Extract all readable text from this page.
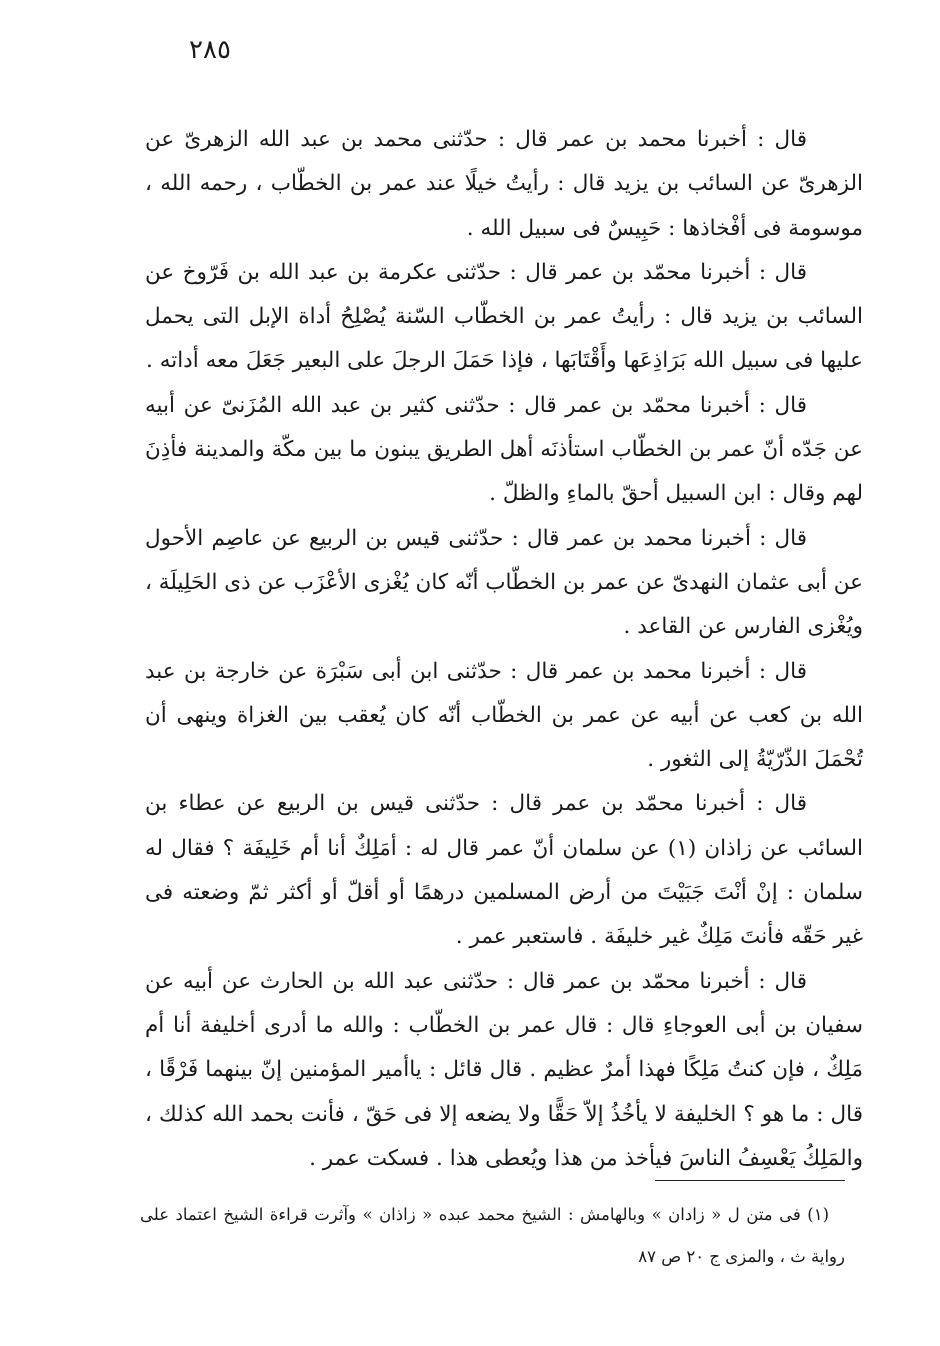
٢٨٥

قال : أخبرنا محمد بن عمر قال : حدّثنى محمد بن عبد الله الزهرىّ عن الزهرىّ عن السائب بن يزيد قال : رأيتُ خيلًا عند عمر بن الخطّاب ، رحمه الله ، موسومة فى أفْخاذها : حَبِيسٌ فى سبيل الله .

قال : أخبرنا محمّد بن عمر قال : حدّثنى عكرمة بن عبد الله بن فَرّوخ عن السائب بن يزيد قال : رأيتُ عمر بن الخطّاب السّنة يُصْلِحُ أداة الإبل التى يحمل عليها فى سبيل الله بَرَاذِعَها وأَقْتَابَها ، فإذا حَمَلَ الرجلَ على البعير جَعَلَ معه أداته .

قال : أخبرنا محمّد بن عمر قال : حدّثنى كثير بن عبد الله المُزَنىّ عن أبيه عن جَدّه أنّ عمر بن الخطّاب استأذنَه أهل الطريق يبنون ما بين مكّة والمدينة فأذِنَ لهم وقال : ابن السبيل أحقّ بالماءِ والظلّ .

قال : أخبرنا محمد بن عمر قال : حدّثنى قيس بن الربيع عن عاصِم الأحول عن أبى عثمان النهدىّ عن عمر بن الخطّاب أنّه كان يُغْزى الأعْزَب عن ذى الحَلِيلَة ، ويُغْزى الفارس عن القاعد .

قال : أخبرنا محمد بن عمر قال : حدّثنى ابن أبى سَبْرَة عن خارجة بن عبد الله بن كعب عن أبيه عن عمر بن الخطّاب أنّه كان يُعقب بين الغزاة وينهى أن تُحْمَلَ الذّرّيّةُ إلى الثغور .

قال : أخبرنا محمّد بن عمر قال : حدّثنى قيس بن الربيع عن عطاء بن السائب عن زاذان (١) عن سلمان أنّ عمر قال له : أمَلِكٌ أنا أم خَلِيفَة ؟ فقال له سلمان : إنْ أنْتَ جَبَيْتَ من أرض المسلمين درهمًا أو أقلّ أو أكثر ثمّ وضعته فى غير حَقّه فأنتَ مَلِكٌ غير خليفَة . فاستعبر عمر .

قال : أخبرنا محمّد بن عمر قال : حدّثنى عبد الله بن الحارث عن أبيه عن سفيان بن أبى العوجاءِ قال : قال عمر بن الخطّاب : والله ما أدرى أخليفة أنا أم مَلِكٌ ، فإن كنتُ مَلِكًا فهذا أمرٌ عظيم . قال قائل : ياأمير المؤمنين إنّ بينهما فَرْقًا ، قال : ما هو ؟ الخليفة لا يأخُذُ إلاّ حَقًّا ولا يضعه إلا فى حَقّ ، فأنت بحمد الله كذلك ، والمَلِكُ يَعْسِفُ الناسَ فيأخذ من هذا ويُعطى هذا . فسكت عمر .

(١) فى متن ل « زادان » وبالهامش : الشيخ محمد عبده « زاذان » وآثرت قراءة الشيخ اعتماد على رواية ث ، والمزى ج ٢٠ ص ٨٧
